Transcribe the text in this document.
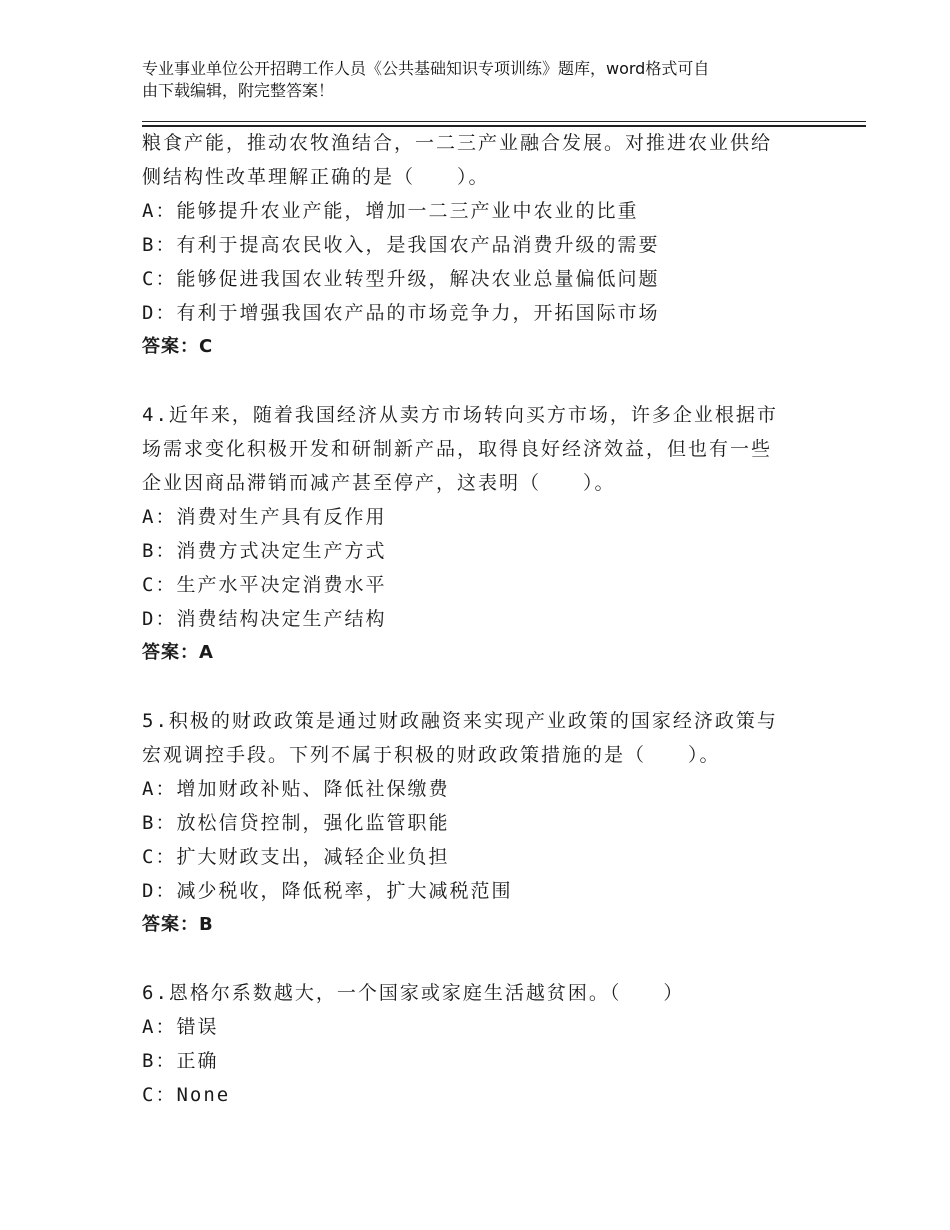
专业事业单位公开招聘工作人员《公共基础知识专项训练》题库，word格式可自
由下载编辑，附完整答案！
粮食产能，推动农牧渔结合，一二三产业融合发展。对推进农业供给
侧结构性改革理解正确的是（　　）。
A：能够提升农业产能，增加一二三产业中农业的比重
B：有利于提高农民收入，是我国农产品消费升级的需要
C：能够促进我国农业转型升级，解决农业总量偏低问题
D：有利于增强我国农产品的市场竞争力，开拓国际市场
答案：C
4.近年来，随着我国经济从卖方市场转向买方市场，许多企业根据市
场需求变化积极开发和研制新产品，取得良好经济效益，但也有一些
企业因商品滞销而减产甚至停产，这表明（　　）。
A：消费对生产具有反作用
B：消费方式决定生产方式
C：生产水平决定消费水平
D：消费结构决定生产结构
答案：A
5.积极的财政政策是通过财政融资来实现产业政策的国家经济政策与
宏观调控手段。下列不属于积极的财政政策措施的是（　　）。
A：增加财政补贴、降低社保缴费
B：放松信贷控制，强化监管职能
C：扩大财政支出，减轻企业负担
D：减少税收，降低税率，扩大减税范围
答案：B
6.恩格尔系数越大，一个国家或家庭生活越贫困。（　　）
A：错误
B：正确
C：None
